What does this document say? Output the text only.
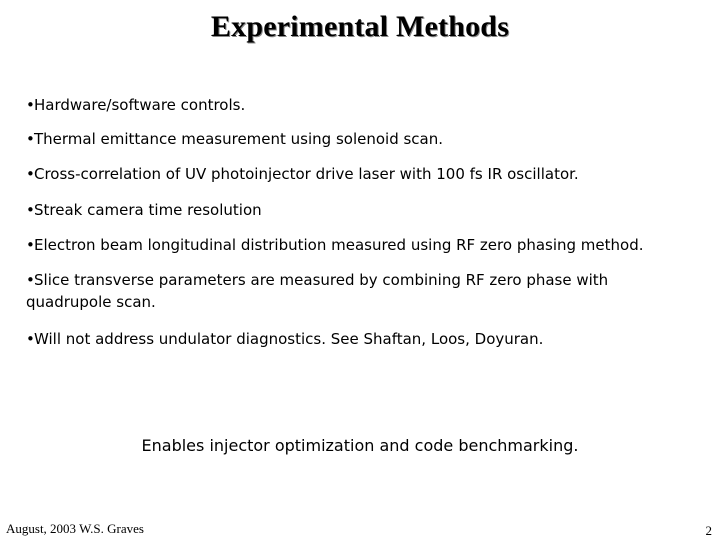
Experimental Methods
•Hardware/software controls.
•Thermal emittance measurement using solenoid scan.
•Cross-correlation of UV photoinjector drive laser with 100 fs IR oscillator.
•Streak camera time resolution
•Electron beam longitudinal distribution measured using RF zero phasing method.
•Slice transverse parameters are measured by combining RF zero phase with quadrupole scan.
•Will not address undulator diagnostics. See Shaftan, Loos, Doyuran.
Enables injector optimization and code benchmarking.
August, 2003 W.S. Graves	2
